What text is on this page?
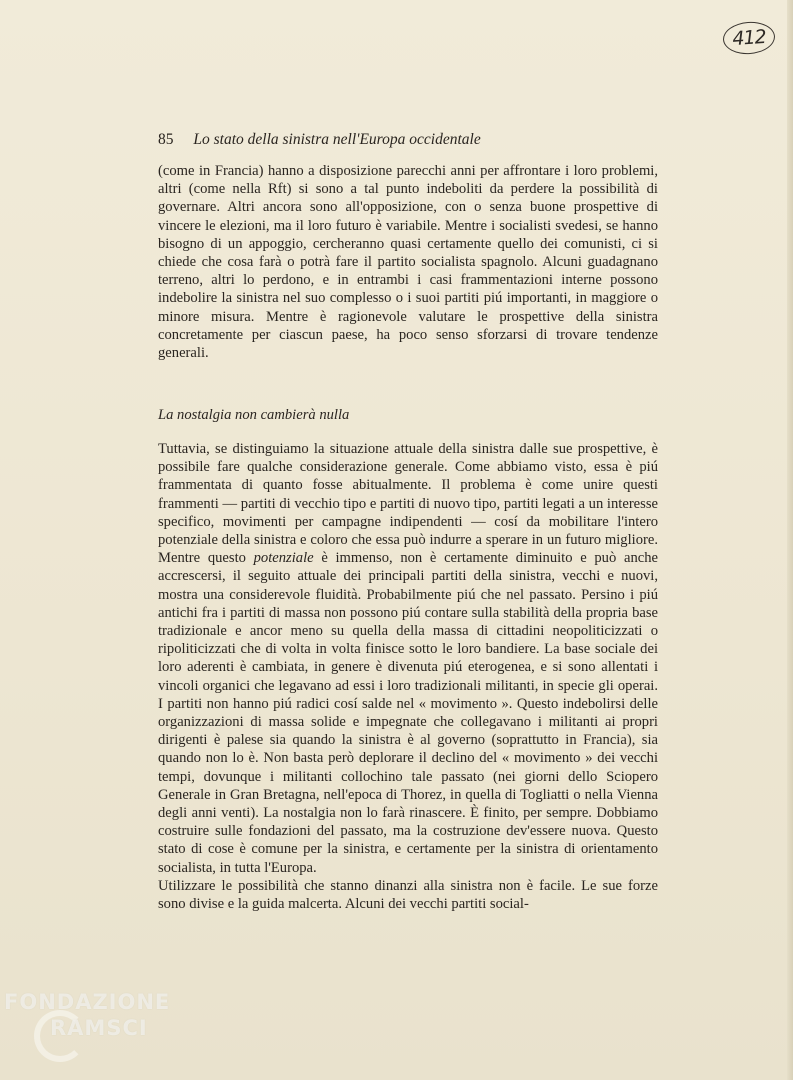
412
85 Lo stato della sinistra nell'Europa occidentale

(come in Francia) hanno a disposizione parecchi anni per affrontare i loro problemi, altri (come nella Rft) si sono a tal punto indeboliti da perdere la possibilità di governare. Altri ancora sono all'opposizione, con o senza buone prospettive di vincere le elezioni, ma il loro futuro è variabile. Mentre i socialisti svedesi, se hanno bisogno di un appoggio, cercheranno quasi certamente quello dei comunisti, ci si chiede che cosa farà o potrà fare il partito socialista spagnolo. Alcuni guadagnano terreno, altri lo perdono, e in entrambi i casi frammentazioni interne possono indebolire la sinistra nel suo complesso o i suoi partiti piú importanti, in maggiore o minore misura. Mentre è ragionevole valutare le prospettive della sinistra concretamente per ciascun paese, ha poco senso sforzarsi di trovare tendenze generali.

La nostalgia non cambierà nulla

Tuttavia, se distinguiamo la situazione attuale della sinistra dalle sue prospettive, è possibile fare qualche considerazione generale. Come abbiamo visto, essa è piú frammentata di quanto fosse abitualmente. Il problema è come unire questi frammenti — partiti di vecchio tipo e partiti di nuovo tipo, partiti legati a un interesse specifico, movimenti per campagne indipendenti — cosí da mobilitare l'intero potenziale della sinistra e coloro che essa può indurre a sperare in un futuro migliore. Mentre questo potenziale è immenso, non è certamente diminuito e può anche accrescersi, il seguito attuale dei principali partiti della sinistra, vecchi e nuovi, mostra una considerevole fluidità. Probabilmente piú che nel passato. Persino i piú antichi fra i partiti di massa non possono piú contare sulla stabilità della propria base tradizionale e ancor meno su quella della massa di cittadini neopoliticizzati o ripoliticizzati che di volta in volta finisce sotto le loro bandiere. La base sociale dei loro aderenti è cambiata, in genere è divenuta piú eterogenea, e si sono allentati i vincoli organici che legavano ad essi i loro tradizionali militanti, in specie gli operai. I partiti non hanno piú radici cosí salde nel « movimento ». Questo indebolirsi delle organizzazioni di massa solide e impegnate che collegavano i militanti ai propri dirigenti è palese sia quando la sinistra è al governo (soprattutto in Francia), sia quando non lo è. Non basta però deplorare il declino del « movimento » dei vecchi tempi, dovunque i militanti collochino tale passato (nei giorni dello Sciopero Generale in Gran Bretagna, nell'epoca di Thorez, in quella di Togliatti o nella Vienna degli anni venti). La nostalgia non lo farà rinascere. È finito, per sempre. Dobbiamo costruire sulle fondazioni del passato, ma la costruzione dev'essere nuova. Questo stato di cose è comune per la sinistra, e certamente per la sinistra di orientamento socialista, in tutta l'Europa.

Utilizzare le possibilità che stanno dinanzi alla sinistra non è facile. Le sue forze sono divise e la guida malcerta. Alcuni dei vecchi partiti social-

FONDAZIONE
RAMSCI
